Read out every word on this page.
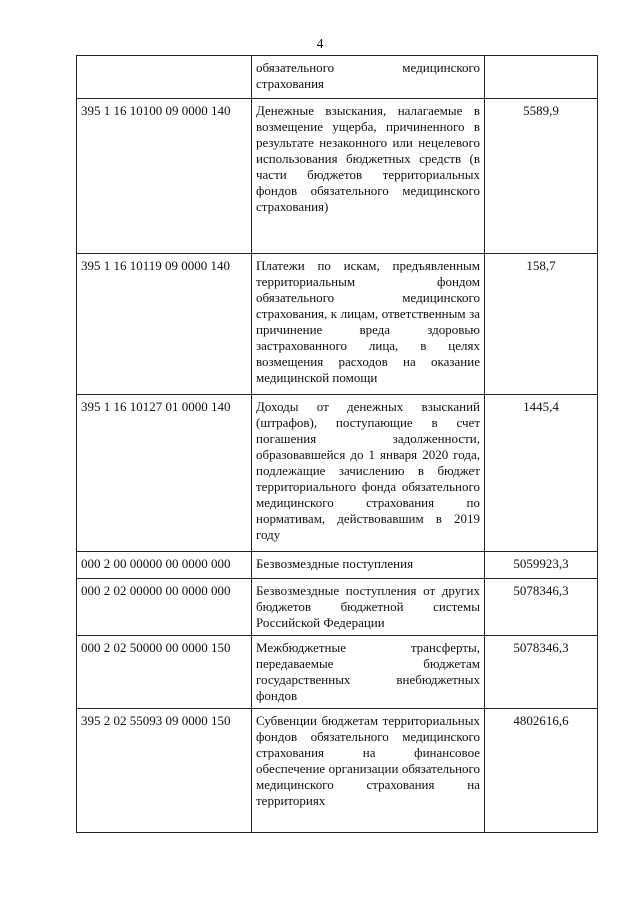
4
	обязательного медицинского страхования	
395 1 16 10100 09 0000 140	Денежные взыскания, налагаемые в возмещение ущерба, причиненного в результате незаконного или нецелевого использования бюджетных средств (в части бюджетов территориальных фондов обязательного медицинского страхования)	5589,9
395 1 16 10119 09 0000 140	Платежи по искам, предъявленным территориальным фондом обязательного медицинского страхования, к лицам, ответственным за причинение вреда здоровью застрахованного лица, в целях возмещения расходов на оказание медицинской помощи	158,7
395 1 16 10127 01 0000 140	Доходы от денежных взысканий (штрафов), поступающие в счет погашения задолженности, образовавшейся до 1 января 2020 года, подлежащие зачислению в бюджет территориального фонда обязательного медицинского страхования по нормативам, действовавшим в 2019 году	1445,4
000 2 00 00000 00 0000 000	Безвозмездные поступления	5059923,3
000 2 02 00000 00 0000 000	Безвозмездные поступления от других бюджетов бюджетной системы Российской Федерации	5078346,3
000 2 02 50000 00 0000 150	Межбюджетные трансферты, передаваемые бюджетам государственных внебюджетных фондов	5078346,3
395 2 02 55093 09 0000 150	Субвенции бюджетам территориальных фондов обязательного медицинского страхования на финансовое обеспечение организации обязательного медицинского страхования на территориях	4802616,6
